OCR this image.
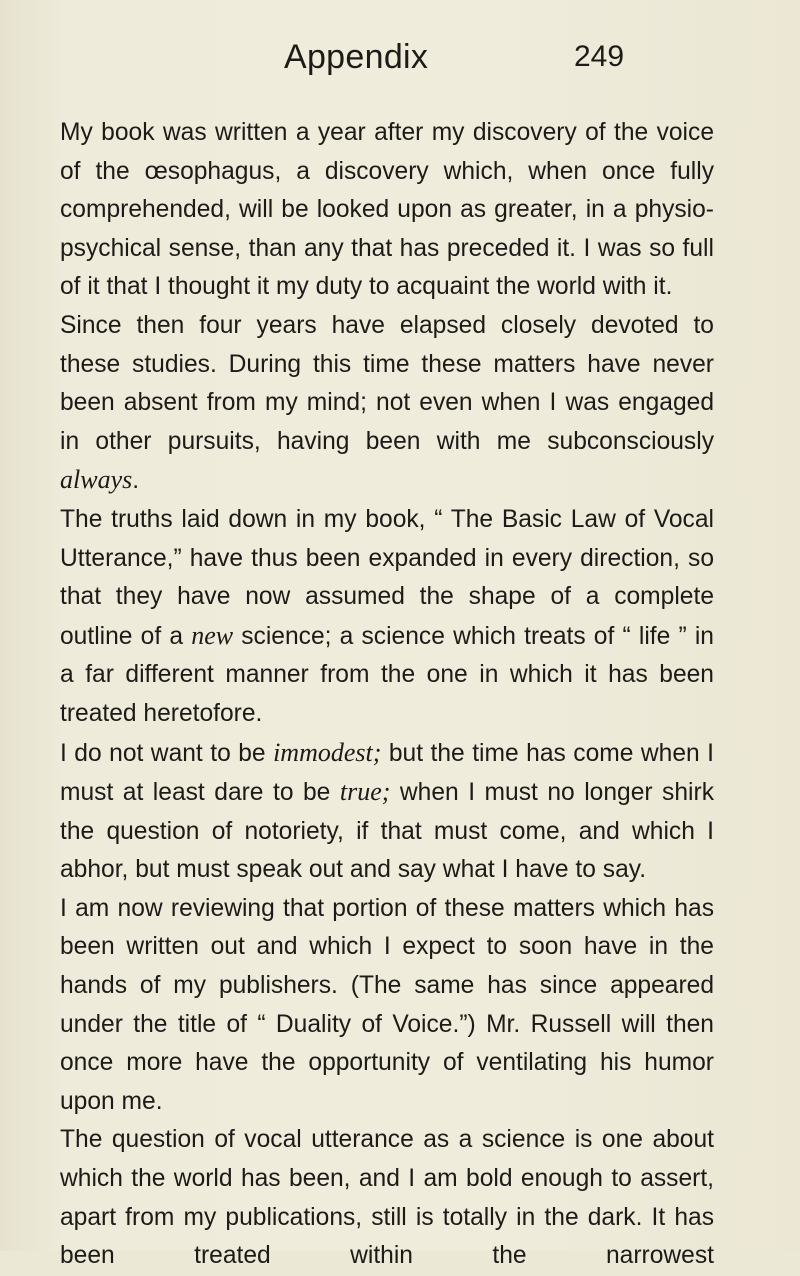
Appendix	249

My book was written a year after my discovery of the voice of the œsophagus, a discovery which, when once fully comprehended, will be looked upon as greater, in a physio-psychical sense, than any that has preceded it. I was so full of it that I thought it my duty to acquaint the world with it.

Since then four years have elapsed closely devoted to these studies. During this time these matters have never been absent from my mind; not even when I was engaged in other pursuits, having been with me subconsciously always.

The truths laid down in my book, “ The Basic Law of Vocal Utterance,” have thus been expanded in every direction, so that they have now assumed the shape of a complete outline of a new science; a science which treats of “ life ” in a far different manner from the one in which it has been treated heretofore.

I do not want to be immodest; but the time has come when I must at least dare to be true; when I must no longer shirk the question of notoriety, if that must come, and which I abhor, but must speak out and say what I have to say.

I am now reviewing that portion of these matters which has been written out and which I expect to soon have in the hands of my publishers. (The same has since appeared under the title of “ Duality of Voice.”) Mr. Russell will then once more have the opportunity of ventilating his humor upon me.

The question of vocal utterance as a science is one about which the world has been, and I am bold enough to assert, apart from my publications, still is totally in the dark. It has been treated within the narrowest
